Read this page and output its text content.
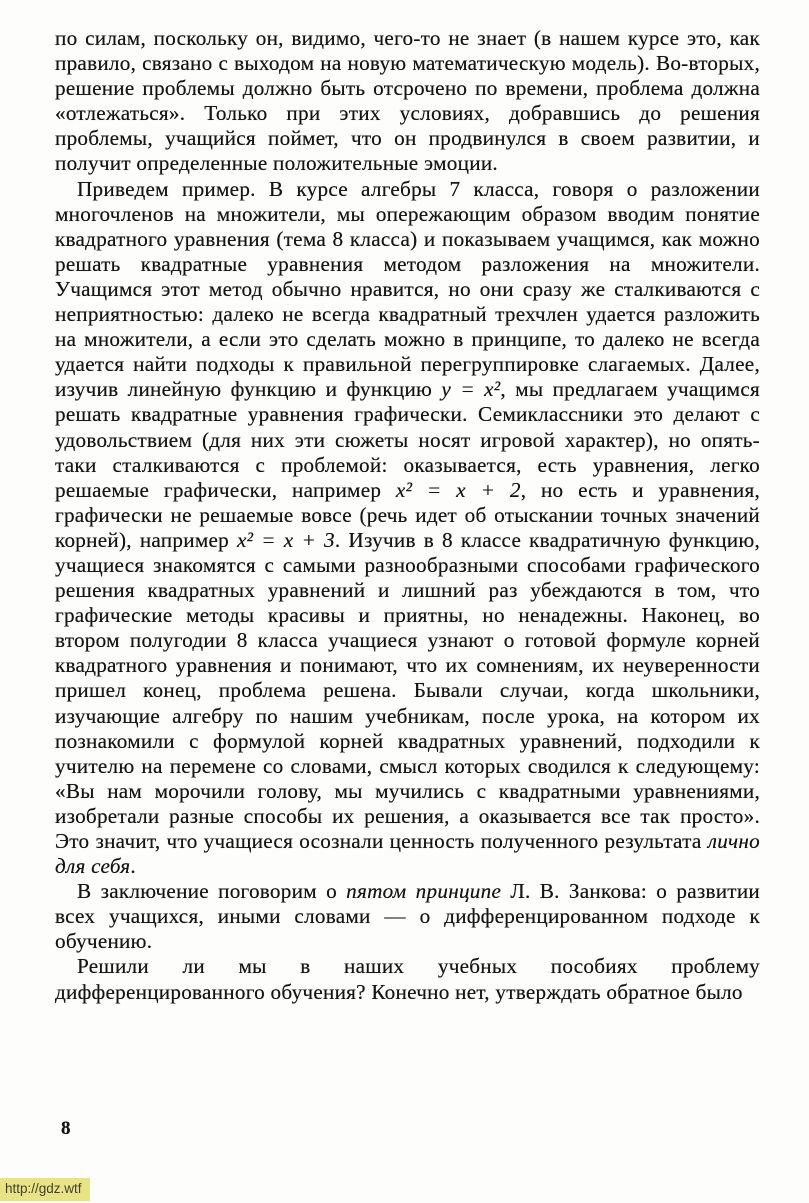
по силам, поскольку он, видимо, чего-то не знает (в нашем курсе это, как правило, связано с выходом на новую математическую модель). Во-вторых, решение проблемы должно быть отсрочено по времени, проблема должна «отлежаться». Только при этих условиях, добравшись до решения проблемы, учащийся поймет, что он продвинулся в своем развитии, и получит определенные положительные эмоции.

Приведем пример. В курсе алгебры 7 класса, говоря о разложении многочленов на множители, мы опережающим образом вводим понятие квадратного уравнения (тема 8 класса) и показываем учащимся, как можно решать квадратные уравнения методом разложения на множители. Учащимся этот метод обычно нравится, но они сразу же сталкиваются с неприятностью: далеко не всегда квадратный трехчлен удается разложить на множители, а если это сделать можно в принципе, то далеко не всегда удается найти подходы к правильной перегруппировке слагаемых. Далее, изучив линейную функцию и функцию y = x², мы предлагаем учащимся решать квадратные уравнения графически. Семиклассники это делают с удовольствием (для них эти сюжеты носят игровой характер), но опять-таки сталкиваются с проблемой: оказывается, есть уравнения, легко решаемые графически, например x² = x + 2, но есть и уравнения, графически не решаемые вовсе (речь идет об отыскании точных значений корней), например x² = x + 3. Изучив в 8 классе квадратичную функцию, учащиеся знакомятся с самыми разнообразными способами графического решения квадратных уравнений и лишний раз убеждаются в том, что графические методы красивы и приятны, но ненадежны. Наконец, во втором полугодии 8 класса учащиеся узнают о готовой формуле корней квадратного уравнения и понимают, что их сомнениям, их неуверенности пришел конец, проблема решена. Бывали случаи, когда школьники, изучающие алгебру по нашим учебникам, после урока, на котором их познакомили с формулой корней квадратных уравнений, подходили к учителю на перемене со словами, смысл которых сводился к следующему: «Вы нам морочили голову, мы мучились с квадратными уравнениями, изобретали разные способы их решения, а оказывается все так просто». Это значит, что учащиеся осознали ценность полученного результата лично для себя.

В заключение поговорим о пятом принципе Л. В. Занкова: о развитии всех учащихся, иными словами — о дифференцированном подходе к обучению.

Решили ли мы в наших учебных пособиях проблему дифференцированного обучения? Конечно нет, утверждать обратное было

8
http://gdz.wtf
